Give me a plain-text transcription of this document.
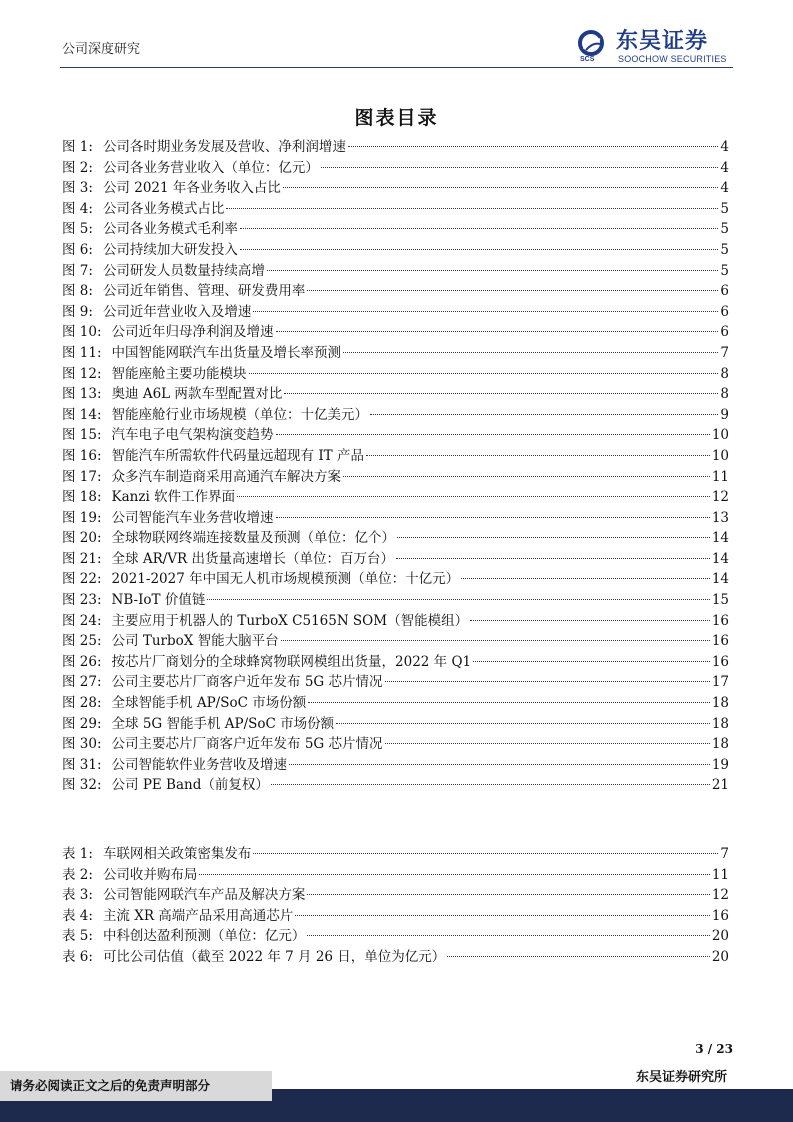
公司深度研究
SCS
东吴证券
SOOCHOW SECURITIES
图表目录
图 1: 公司各时期业务发展及营收、净利润增速	4
图 2: 公司各业务营业收入（单位：亿元）	4
图 3: 公司 2021 年各业务收入占比	4
图 4: 公司各业务模式占比	5
图 5: 公司各业务模式毛利率	5
图 6: 公司持续加大研发投入	5
图 7: 公司研发人员数量持续高增	5
图 8: 公司近年销售、管理、研发费用率	6
图 9: 公司近年营业收入及增速	6
图 10: 公司近年归母净利润及增速	6
图 11: 中国智能网联汽车出货量及增长率预测	7
图 12: 智能座舱主要功能模块	8
图 13: 奥迪 A6L 两款车型配置对比	8
图 14: 智能座舱行业市场规模（单位：十亿美元）	9
图 15: 汽车电子电气架构演变趋势	10
图 16: 智能汽车所需软件代码量远超现有 IT 产品	10
图 17: 众多汽车制造商采用高通汽车解决方案	11
图 18: Kanzi 软件工作界面	12
图 19: 公司智能汽车业务营收增速	13
图 20: 全球物联网终端连接数量及预测（单位：亿个）	14
图 21: 全球 AR/VR 出货量高速增长（单位：百万台）	14
图 22: 2021-2027 年中国无人机市场规模预测（单位：十亿元）	14
图 23: NB-IoT 价值链	15
图 24: 主要应用于机器人的 TurboX C5165N SOM（智能模组）	16
图 25: 公司 TurboX 智能大脑平台	16
图 26: 按芯片厂商划分的全球蜂窝物联网模组出货量，2022 年 Q1	16
图 27: 公司主要芯片厂商客户近年发布 5G 芯片情况	17
图 28: 全球智能手机 AP/SoC 市场份额	18
图 29: 全球 5G 智能手机 AP/SoC 市场份额	18
图 30: 公司主要芯片厂商客户近年发布 5G 芯片情况	18
图 31: 公司智能软件业务营收及增速	19
图 32: 公司 PE Band（前复权）	21
表 1: 车联网相关政策密集发布	7
表 2: 公司收并购布局	11
表 3: 公司智能网联汽车产品及解决方案	12
表 4: 主流 XR 高端产品采用高通芯片	16
表 5: 中科创达盈利预测（单位：亿元）	20
表 6: 可比公司估值（截至 2022 年 7 月 26 日，单位为亿元）	20
3 / 23
东吴证券研究所
请务必阅读正文之后的免责声明部分
